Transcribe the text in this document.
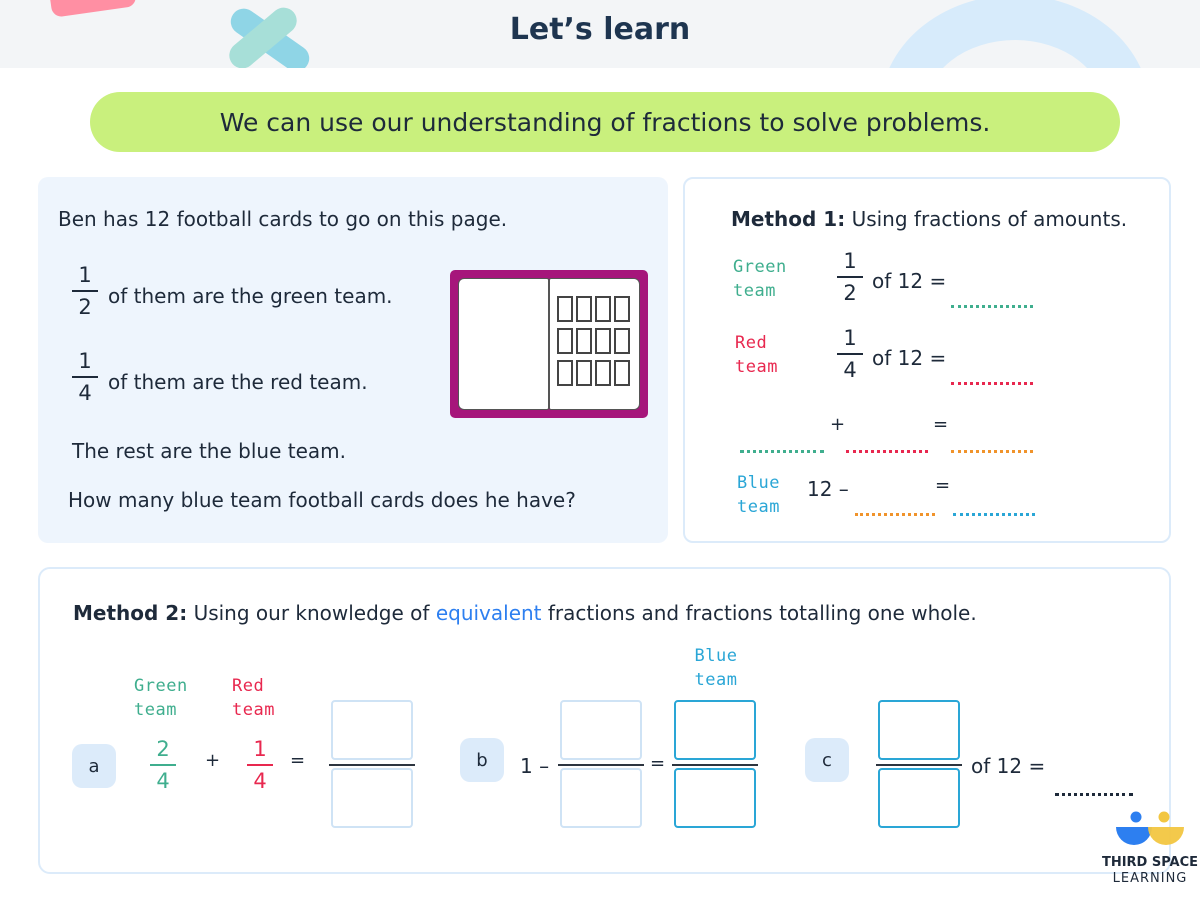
Let’s learn
We can use our understanding of fractions to solve problems.
Ben has 12 football cards to go on this page.
1
2 of them are the green team.
1
4 of them are the red team.
The rest are the blue team.
How many blue team football cards does he have?
Method 1: Using fractions of amounts.
Green
team
1
2 of 12 =
Red
team
1
4 of 12 =
+	=
Blue
team
12 –	=
Method 2: Using our knowledge of equivalent fractions and fractions totalling one whole.
a
Green
team
Red
team
2
4
+	1
4
=	b	1 –	=
Blue
team
c	of 12 =
THIRD SPACE
LEARNING
